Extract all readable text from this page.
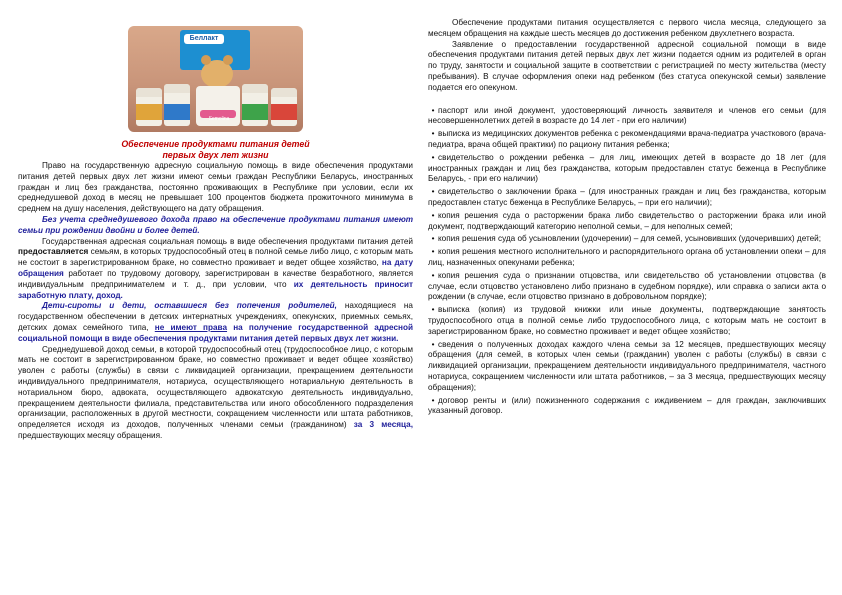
Беллакт
Semolina
Обеспечение продуктами питания детей
первых двух лет жизни

Право на государственную адресную социальную помощь в виде обеспечения продуктами питания детей первых двух лет жизни имеют семьи граждан Республики Беларусь, иностранных граждан и лиц без гражданства, постоянно проживающих в Республике при условии, если их среднедушевой доход в месяц не превышает 100 процентов бюджета прожиточного минимума в среднем на душу населения, действующего на дату обращения.

Без учета среднедушевого дохода право на обеспечение продуктами питания имеют семьи при рождении двойни и более детей.

Государственная адресная социальная помощь в виде обеспечения продуктами питания детей предоставляется семьям, в которых трудоспособный отец в полной семье либо лицо, с которым мать не состоит в зарегистрированном браке, но совместно проживает и ведет общее хозяйство, на дату обращения работает по трудовому договору, зарегистрирован в качестве безработного, является индивидуальным предпринимателем и т. д., при условии, что их деятельность приносит заработную плату, доход.

Дети-сироты и дети, оставшиеся без попечения родителей, находящиеся на государственном обеспечении в детских интернатных учреждениях, опекунских, приемных семьях, детских домах семейного типа, не имеют права на получение государственной адресной социальной помощи в виде обеспечения продуктами питания детей первых двух лет жизни.

Среднедушевой доход семьи, в которой трудоспособный отец (трудоспособное лицо, с которым мать не состоит в зарегистрированном браке, но совместно проживает и ведет общее хозяйство) уволен с работы (службы) в связи с ликвидацией организации, прекращением деятельности индивидуального предпринимателя, нотариуса, осуществляющего нотариальную деятельность в нотариальном бюро, адвоката, осуществляющего адвокатскую деятельность индивидуально, прекращением деятельности филиала, представительства или иного обособленного подразделения организации, расположенных в другой местности, сокращением численности или штата работников, определяется исходя из доходов, полученных членами семьи (гражданином) за 3 месяца, предшествующих месяцу обращения.

Обеспечение продуктами питания осуществляется с первого числа месяца, следующего за месяцем обращения на каждые шесть месяцев до достижения ребенком двухлетнего возраста.

Заявление о предоставлении государственной адресной социальной помощи в виде обеспечения продуктами питания детей первых двух лет жизни подается одним из родителей в орган по труду, занятости и социальной защите в соответствии с регистрацией по месту жительства (месту пребывания). В случае оформления опеки над ребенком (без статуса опекунской семьи) заявление подается его опекуном.

• паспорт или иной документ, удостоверяющий личность заявителя и членов его семьи (для несовершеннолетних детей в возрасте до 14 лет - при его наличии)

• выписка из медицинских документов ребенка с рекомендациями врача-педиатра участкового (врача-педиатра, врача общей практики) по рациону питания ребенка;

• свидетельство о рождении ребенка – для лиц, имеющих детей в возрасте до 18 лет (для иностранных граждан и лиц без гражданства, которым предоставлен статус беженца в Республике Беларусь, - при его наличии)

• свидетельство о заключении брака – (для иностранных граждан и лиц без гражданства, которым предоставлен статус беженца в Республике Беларусь, – при его наличии);

• копия решения суда о расторжении брака либо свидетельство о расторжении брака или иной документ, подтверждающий категорию неполной семьи, – для неполных семей;

• копия решения суда об усыновлении (удочерении) – для семей, усыновивших (удочеривших) детей;

• копия решения местного исполнительного и распорядительного органа об установлении опеки – для лиц, назначенных опекунами ребенка;

• копия решения суда о признании отцовства, или свидетельство об установлении отцовства (в случае, если отцовство установлено либо признано в судебном порядке), или справка о записи акта о рождении (в случае, если отцовство признано в добровольном порядке);

• выписка (копия) из трудовой книжки или иные документы, подтверждающие занятость трудоспособного отца в полной семье либо трудоспособного лица, с которым мать не состоит в зарегистрированном браке, но совместно проживает и ведет общее хозяйство;

• сведения о полученных доходах каждого члена семьи за 12 месяцев, предшествующих месяцу обращения (для семей, в которых член семьи (гражданин) уволен с работы (службы) в связи с ликвидацией организации, прекращением деятельности индивидуального предпринимателя, частного нотариуса, сокращением численности или штата работников, – за 3 месяца, предшествующих месяцу обращения);

• договор ренты и (или) пожизненного содержания с иждивением – для граждан, заключивших указанный договор.
